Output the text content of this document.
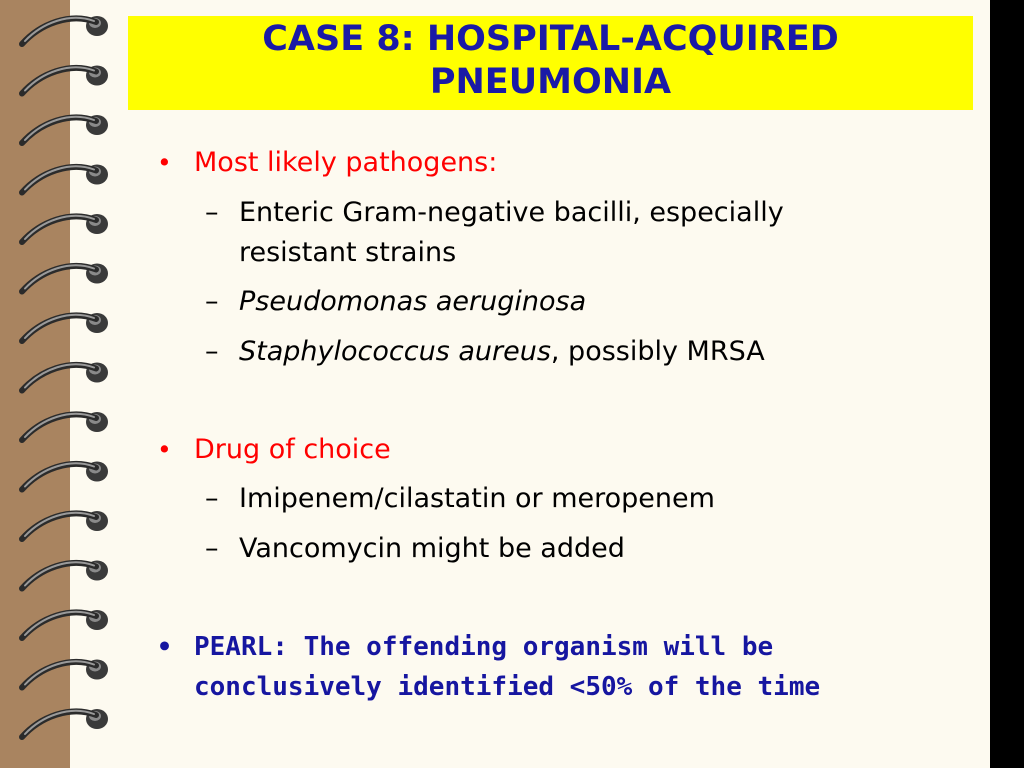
CASE 8: HOSPITAL-ACQUIRED
PNEUMONIA
• Most likely pathogens:
– Enteric Gram-negative bacilli, especially
resistant strains
– Pseudomonas aeruginosa
– Staphylococcus aureus, possibly MRSA
• Drug of choice
– Imipenem/cilastatin or meropenem
– Vancomycin might be added
• PEARL: The offending organism will be
conclusively identified <50% of the time
